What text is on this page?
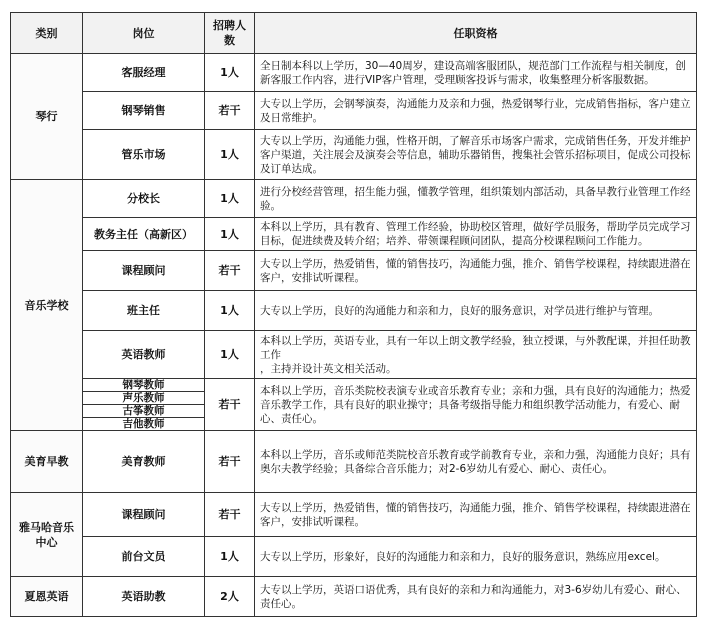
类别	岗位	招聘人数	任职资格
琴行	客服经理	1人	全日制本科以上学历，30—40周岁，建设高端客服团队，规范部门工作流程与相关制度，创新客服工作内容，进行VIP客户管理，受理顾客投诉与需求，收集整理分析客服数据。
	钢琴销售	若干	大专以上学历，会钢琴演奏，沟通能力及亲和力强，热爱钢琴行业，完成销售指标，客户建立及日常维护。
	管乐市场	1人	大专以上学历，沟通能力强，性格开朗，了解音乐市场客户需求，完成销售任务，开发并维护客户渠道，关注展会及演奏会等信息，辅助乐器销售，搜集社会管乐招标项目，促成公司投标及订单达成。
音乐学校	分校长	1人	进行分校经营管理，招生能力强，懂教学管理，组织策划内部活动，具备早教行业管理工作经验。
	教务主任（高新区）	1人	本科以上学历，具有教育、管理工作经验，协助校区管理，做好学员服务，帮助学员完成学习目标，促进续费及转介绍；培养、带领课程顾问团队，提高分校课程顾问工作能力。
	课程顾问	若干	大专以上学历，热爱销售，懂的销售技巧，沟通能力强，推介、销售学校课程，持续跟进潜在客户，安排试听课程。
	班主任	1人	大专以上学历，良好的沟通能力和亲和力，良好的服务意识，对学员进行维护与管理。
	英语教师	1人	本科以上学历，英语专业，具有一年以上朗文教学经验，独立授课，与外教配课，并担任助教工作
，主持并设计英文相关活动。
	钢琴教师	若干	本科以上学历，音乐类院校表演专业或音乐教育专业；亲和力强，具有良好的沟通能力；热爱音乐教学工作，具有良好的职业操守；具备考级指导能力和组织教学活动能力，有爱心、耐心、责任心。
	声乐教师		
	古筝教师		
	吉他教师		
美育早教	美育教师	若干	本科以上学历，音乐或师范类院校音乐教育或学前教育专业，亲和力强，沟通能力良好；具有奥尔夫教学经验；具备综合音乐能力；对2-6岁幼儿有爱心、耐心、责任心。
雅马哈音乐中心	课程顾问	若干	大专以上学历，热爱销售，懂的销售技巧，沟通能力强，推介、销售学校课程，持续跟进潜在客户，安排试听课程。
	前台文员	1人	大专以上学历，形象好，良好的沟通能力和亲和力，良好的服务意识，熟练应用excel。
夏恩英语	英语助教	2人	大专以上学历，英语口语优秀，具有良好的亲和力和沟通能力，对3-6岁幼儿有爱心、耐心、责任心。
